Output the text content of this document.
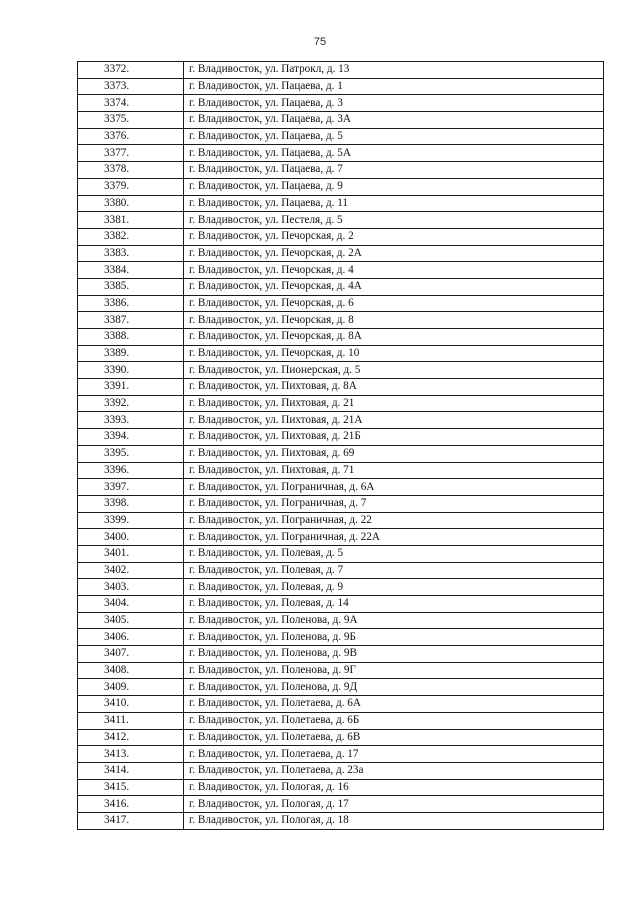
75
3372.	г. Владивосток, ул. Патрокл, д. 13
3373.	г. Владивосток, ул. Пацаева, д. 1
3374.	г. Владивосток, ул. Пацаева, д. 3
3375.	г. Владивосток, ул. Пацаева, д. 3А
3376.	г. Владивосток, ул. Пацаева, д. 5
3377.	г. Владивосток, ул. Пацаева, д. 5А
3378.	г. Владивосток, ул. Пацаева, д. 7
3379.	г. Владивосток, ул. Пацаева, д. 9
3380.	г. Владивосток, ул. Пацаева, д. 11
3381.	г. Владивосток, ул. Пестеля, д. 5
3382.	г. Владивосток, ул. Печорская, д. 2
3383.	г. Владивосток, ул. Печорская, д. 2А
3384.	г. Владивосток, ул. Печорская, д. 4
3385.	г. Владивосток, ул. Печорская, д. 4А
3386.	г. Владивосток, ул. Печорская, д. 6
3387.	г. Владивосток, ул. Печорская, д. 8
3388.	г. Владивосток, ул. Печорская, д. 8А
3389.	г. Владивосток, ул. Печорская, д. 10
3390.	г. Владивосток, ул. Пионерская, д. 5
3391.	г. Владивосток, ул. Пихтовая, д. 8А
3392.	г. Владивосток, ул. Пихтовая, д. 21
3393.	г. Владивосток, ул. Пихтовая, д. 21А
3394.	г. Владивосток, ул. Пихтовая, д. 21Б
3395.	г. Владивосток, ул. Пихтовая, д. 69
3396.	г. Владивосток, ул. Пихтовая, д. 71
3397.	г. Владивосток, ул. Пограничная, д. 6А
3398.	г. Владивосток, ул. Пограничная, д. 7
3399.	г. Владивосток, ул. Пограничная, д. 22
3400.	г. Владивосток, ул. Пограничная, д. 22А
3401.	г. Владивосток, ул. Полевая, д. 5
3402.	г. Владивосток, ул. Полевая, д. 7
3403.	г. Владивосток, ул. Полевая, д. 9
3404.	г. Владивосток, ул. Полевая, д. 14
3405.	г. Владивосток, ул. Поленова, д. 9А
3406.	г. Владивосток, ул. Поленова, д. 9Б
3407.	г. Владивосток, ул. Поленова, д. 9В
3408.	г. Владивосток, ул. Поленова, д. 9Г
3409.	г. Владивосток, ул. Поленова, д. 9Д
3410.	г. Владивосток, ул. Полетаева, д. 6А
3411.	г. Владивосток, ул. Полетаева, д. 6Б
3412.	г. Владивосток, ул. Полетаева, д. 6В
3413.	г. Владивосток, ул. Полетаева, д. 17
3414.	г. Владивосток, ул. Полетаева, д. 23а
3415.	г. Владивосток, ул. Пологая, д. 16
3416.	г. Владивосток, ул. Пологая, д. 17
3417.	г. Владивосток, ул. Пологая, д. 18
